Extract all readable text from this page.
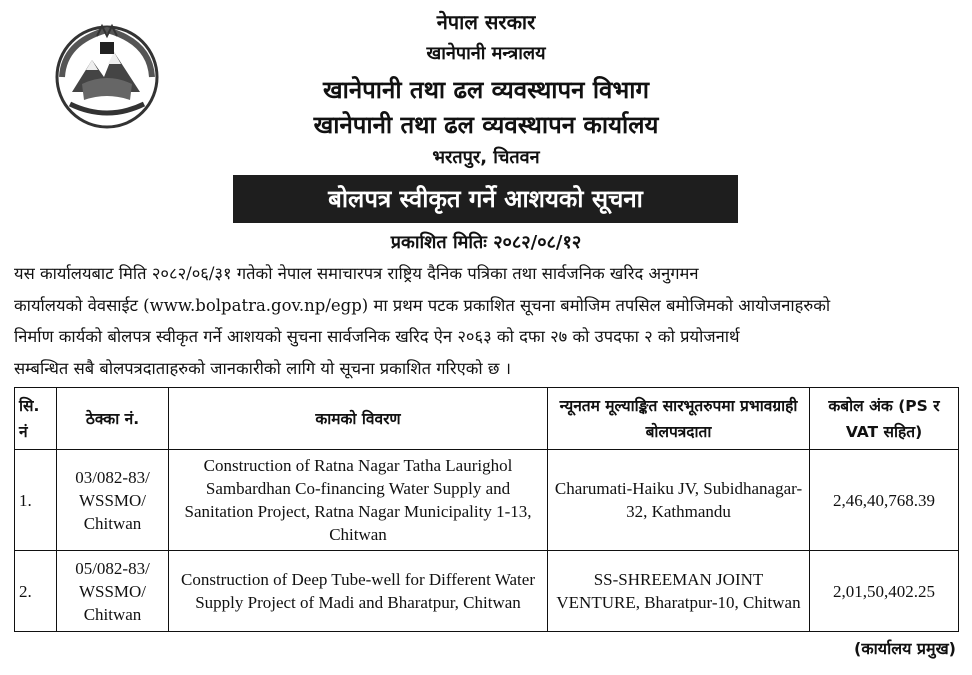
नेपाल सरकार
खानेपानी मन्त्रालय
खानेपानी तथा ढल व्यवस्थापन विभाग
खानेपानी तथा ढल व्यवस्थापन कार्यालय
भरतपुर, चितवन
बोलपत्र स्वीकृत गर्ने आशयको सूचना
प्रकाशित मितिः २०८२/०८/१२
यस कार्यालयबाट मिति २०८२/०६/३१ गतेको नेपाल समाचारपत्र राष्ट्रिय दैनिक पत्रिका तथा सार्वजनिक खरिद अनुगमन
कार्यालयको वेवसाईट (www.bolpatra.gov.np/egp) मा प्रथम पटक प्रकाशित सूचना बमोजिम तपसिल बमोजिमको आयोजनाहरुको
निर्माण कार्यको बोलपत्र स्वीकृत गर्ने आशयको सुचना सार्वजनिक खरिद ऐन २०६३ को दफा २७ को उपदफा २ को प्रयोजनार्थ
सम्बन्धित सबै बोलपत्रदाताहरुको जानकारीको लागि यो सूचना प्रकाशित गरिएको छ ।
सि. नं	ठेक्का नं.	कामको विवरण	न्यूनतम मूल्याङ्कित सारभूतरुपमा प्रभावग्राही बोलपत्रदाता	कबोल अंक (PS र VAT सहित)
1.	03/082-83/ WSSMO/ Chitwan	Construction of Ratna Nagar Tatha Laurighol Sambardhan Co-financing Water Supply and Sanitation Project, Ratna Nagar Municipality 1-13, Chitwan	Charumati-Haiku JV, Subidhanagar-32, Kathmandu	2,46,40,768.39
2.	05/082-83/ WSSMO/ Chitwan	Construction of Deep Tube-well for Different Water Supply Project of Madi and Bharatpur, Chitwan	SS-SHREEMAN JOINT VENTURE, Bharatpur-10, Chitwan	2,01,50,402.25
(कार्यालय प्रमुख)
